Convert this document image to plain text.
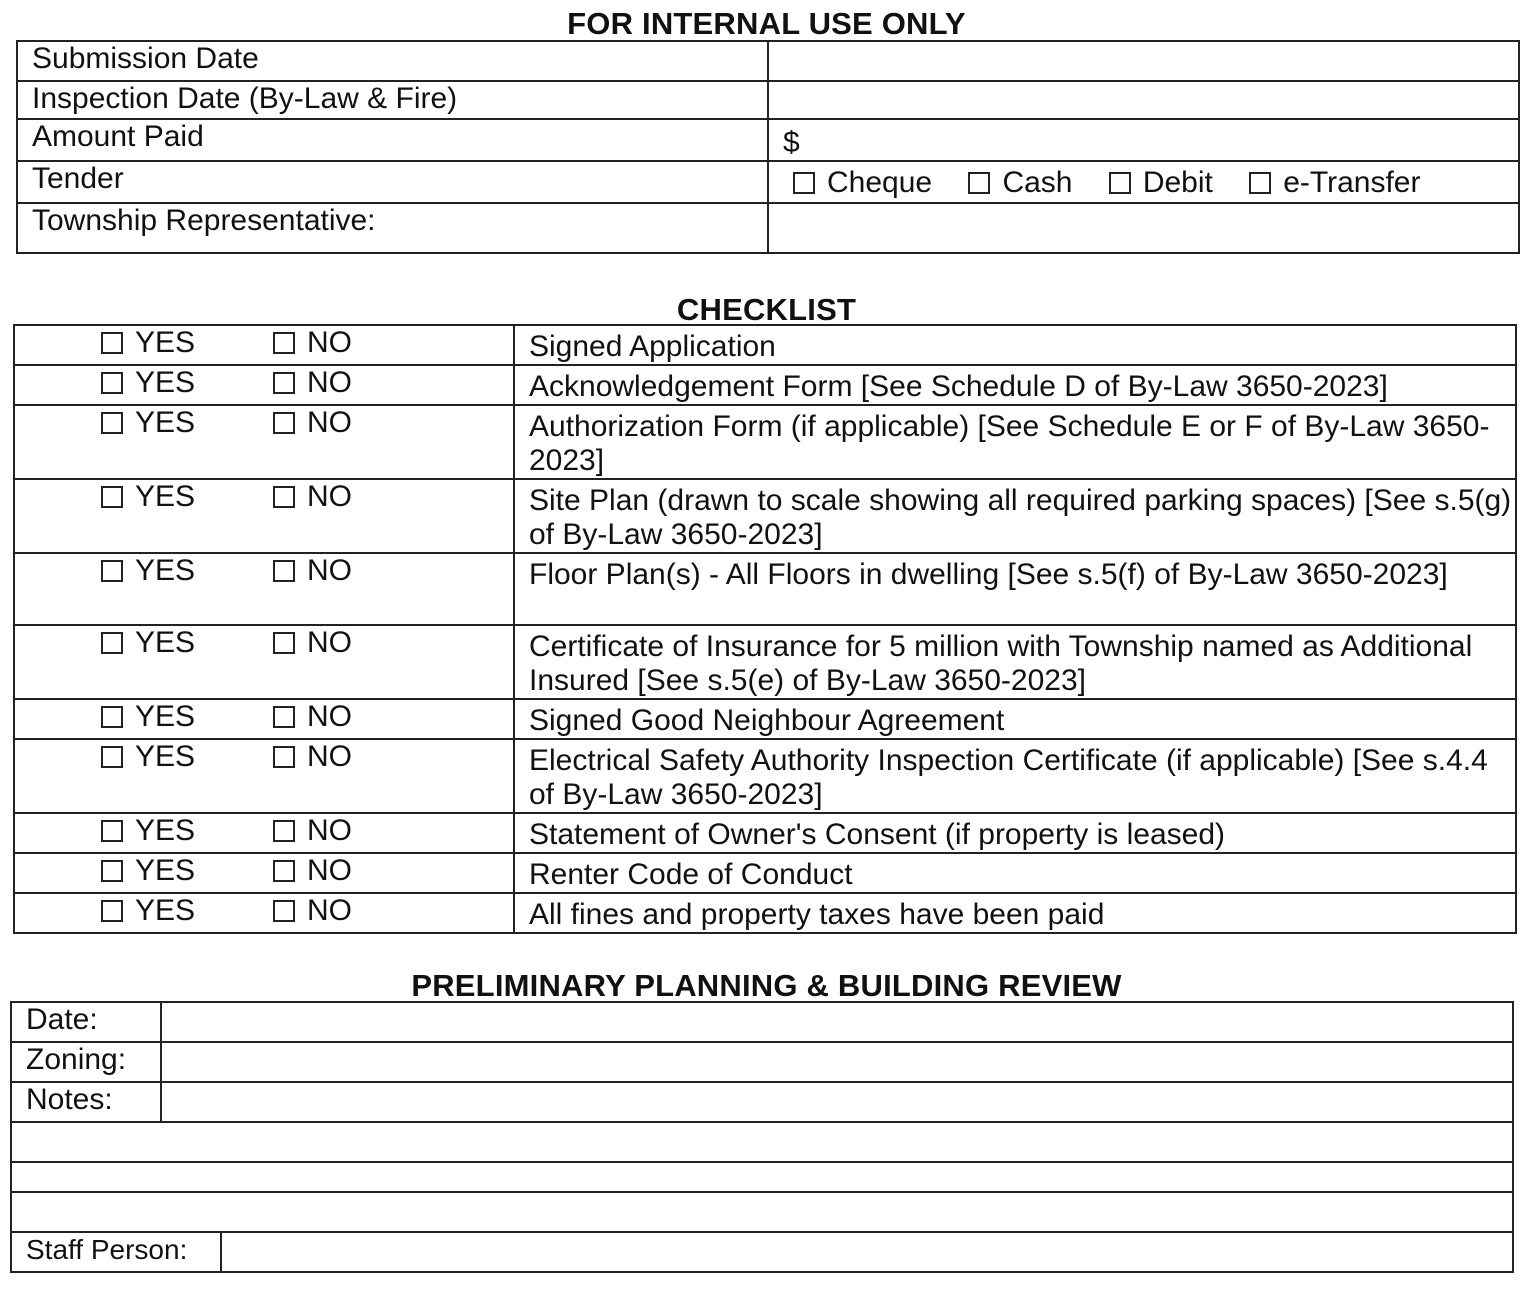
FOR INTERNAL USE ONLY
Submission Date	
Inspection Date (By-Law & Fire)	
Amount Paid	$
Tender	Cheque Cash Debit e-Transfer
Township Representative:	
CHECKLIST
YES NO	Signed Application
YES NO	Acknowledgement Form [See Schedule D of By-Law 3650-2023]
YES NO	Authorization Form (if applicable) [See Schedule E or F of By-Law 3650-2023]
YES NO	Site Plan (drawn to scale showing all required parking spaces) [See s.5(g) of By-Law 3650-2023]
YES NO	Floor Plan(s) - All Floors in dwelling [See s.5(f) of By-Law 3650-2023]
YES NO	Certificate of Insurance for 5 million with Township named as Additional Insured [See s.5(e) of By-Law 3650-2023]
YES NO	Signed Good Neighbour Agreement
YES NO	Electrical Safety Authority Inspection Certificate (if applicable) [See s.4.4 of By-Law 3650-2023]
YES NO	Statement of Owner's Consent (if property is leased)
YES NO	Renter Code of Conduct
YES NO	All fines and property taxes have been paid
PRELIMINARY PLANNING & BUILDING REVIEW
Date:		
Zoning:		
Notes:		

Staff Person:		
